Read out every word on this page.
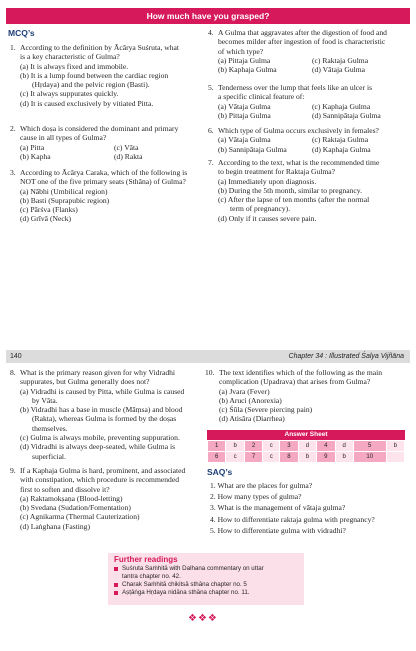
How much have you grasped?
MCQ’s
1. According to the definition by Ācārya Suśruta, what
is a key characteristic of Gulma?
(a) It is always fixed and immobile.
(b) It is a lump found between the cardiac region
(Hṛdaya) and the pelvic region (Basti).
(c) It always suppurates quickly.
(d) It is caused exclusively by vitiated Pitta.
2. Which doṣa is considered the dominant and primary
cause in all types of Gulma?
(a) Pitta	(c) Vāta
(b) Kapha	(d) Rakta
3. According to Ācārya Caraka, which of the following is
NOT one of the five primary seats (Sthāna) of Gulma?
(a) Nābhi (Umbilical region)
(b) Basti (Suprapubic region)
(c) Pārśva (Flanks)
(d) Grīvā (Neck)
4. A Gulma that aggravates after the digestion of food and
becomes milder after ingestion of food is characteristic
of which type?
(a) Pittaja Gulma	(c) Raktaja Gulma
(b) Kaphaja Gulma	(d) Vātaja Gulma
5. Tenderness over the lump that feels like an ulcer is
a specific clinical feature of:
(a) Vātaja Gulma	(c) Kaphaja Gulma
(b) Pittaja Gulma	(d) Sannipātaja Gulma
6. Which type of Gulma occurs exclusively in females?
(a) Vātaja Gulma	(c) Raktaja Gulma
(b) Sannipātaja Gulma	(d) Kaphaja Gulma
7. According to the text, what is the recommended time
to begin treatment for Raktaja Gulma?
(a) Immediately upon diagnosis.
(b) During the 5th month, similar to pregnancy.
(c) After the lapse of ten months (after the normal
term of pregnancy).
(d) Only if it causes severe pain.
140	Chapter 34 : Illustrated Śalya Vijñāna
8. What is the primary reason given for why Vidradhi
suppurates, but Gulma generally does not?
(a) Vidradhi is caused by Pitta, while Gulma is caused
by Vāta.
(b) Vidradhi has a base in muscle (Māṃsa) and blood
(Rakta), whereas Gulma is formed by the doṣas
themselves.
(c) Gulma is always mobile, preventing suppuration.
(d) Vidradhi is always deep-seated, while Gulma is
superficial.
9. If a Kaphaja Gulma is hard, prominent, and associated
with constipation, which procedure is recommended
first to soften and dissolve it?
(a) Raktamokṣaṇa (Blood-letting)
(b) Svedana (Sudation/Fomentation)
(c) Agnikarma (Thermal Cauterization)
(d) Laṅghana (Fasting)
10. The text identifies which of the following as the main
complication (Upadrava) that arises from Gulma?
(a) Jvara (Fever)
(b) Aruci (Anorexia)
(c) Śūla (Severe piercing pain)
(d) Atisāra (Diarrhea)
Answer Sheet
1	b	2	c	3	d	4	d	5	b
6	c	7	c	8	b	9	b	10	
SAQ’s
1. What are the places for gulma?
2. How many types of gulma?
3. What is the management of vātaja gulma?
4. How to differentiate raktaja gulma with pregnancy?
5. How to differentiate gulma with vidradhi?
Further readings
Suśruta Saṁhitā with Dalhana commentary on uttar
tantra chapter no. 42.
Charak Saṁhitā chikitsā sthāna chapter no. 5
Aṣṭāṅga Hṛdaya nidāna sthāna chapter no. 11.
❖❖❖
